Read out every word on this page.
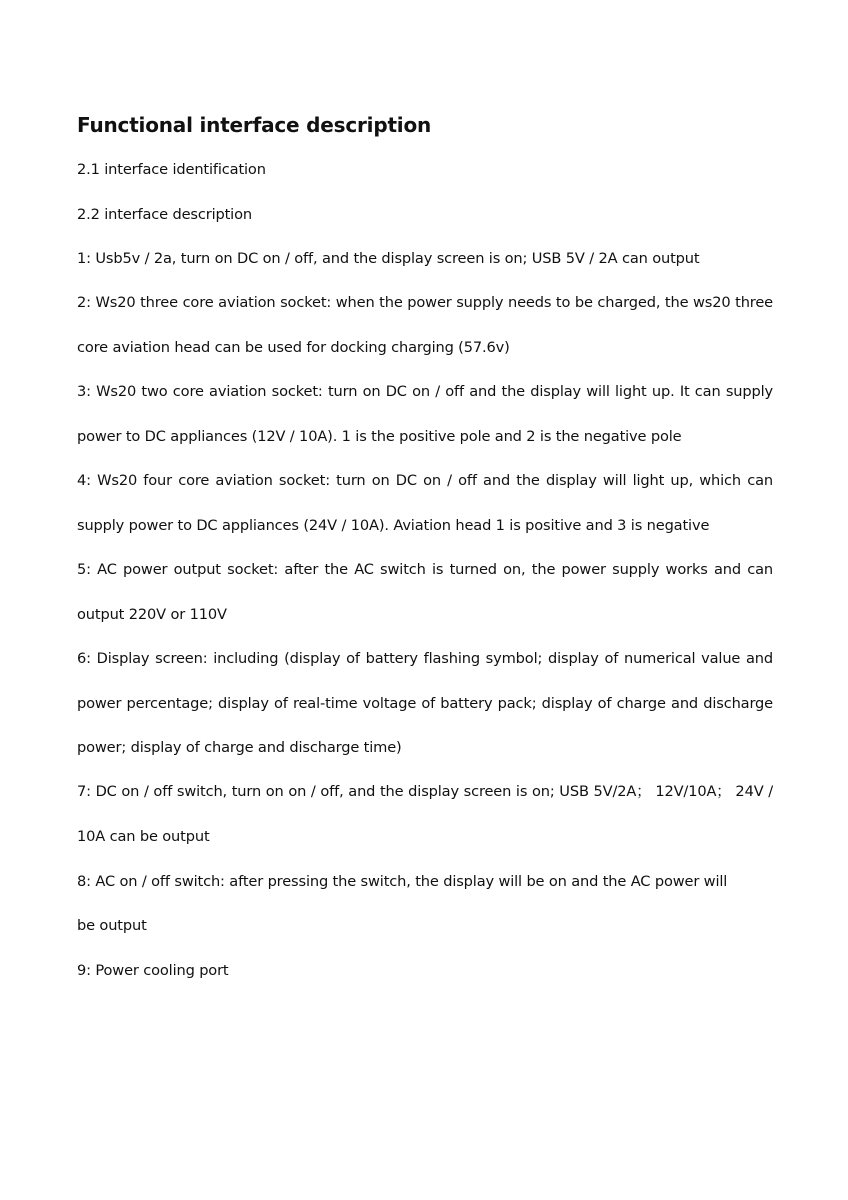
Functional interface description

2.1 interface identification

2.2 interface description

1: Usb5v / 2a, turn on DC on / off, and the display screen is on; USB 5V / 2A can output

2: Ws20 three core aviation socket: when the power supply needs to be charged, the ws20 three

core aviation head can be used for docking charging (57.6v)

3: Ws20 two core aviation socket: turn on DC on / off and the display will light up. It can supply

power to DC appliances (12V / 10A). 1 is the positive pole and 2 is the negative pole

4: Ws20 four core aviation socket: turn on DC on / off and the display will light up, which can

supply power to DC appliances (24V / 10A). Aviation head 1 is positive and 3 is negative

5: AC power output socket: after the AC switch is turned on, the power supply works and can

output 220V or 110V

6: Display screen: including (display of battery flashing symbol; display of numerical value and

power percentage; display of real-time voltage of battery pack; display of charge and discharge

power; display of charge and discharge time)

7: DC on / off switch, turn on on / off, and the display screen is on; USB 5V/2A； 12V/10A； 24V /

10A can be output

8: AC on / off switch: after pressing the switch, the display will be on and the AC power will

be output

9: Power cooling port
